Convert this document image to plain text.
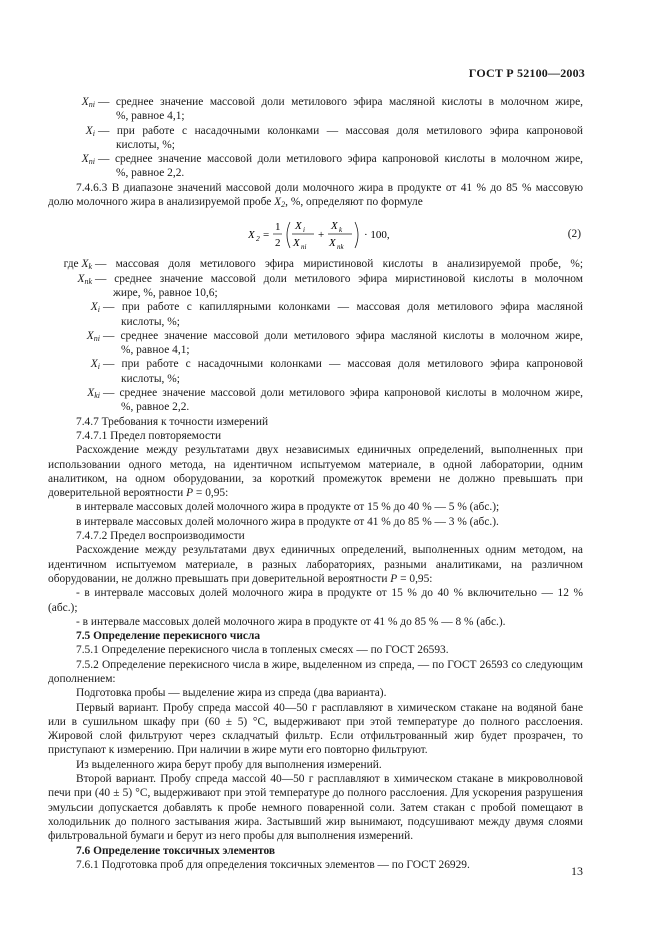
ГОСТ Р 52100—2003
$X_{ni}$ — среднее значение массовой доли метилового эфира масляной кислоты в молочном жире,
%, равное 4,1;
$X_i$ — при работе с насадочными колонками — массовая доля метилового эфира капроновой
кислоты, %;
$X_{ni}$ — среднее значение массовой доли метилового эфира капроновой кислоты в молочном жире,
%, равное 2,2.

7.4.6.3 В диапазоне значений массовой доли молочного жира в продукте от 41 % до 85 % массовую долю молочного жира в анализируемой пробе $X_2$, %, определяют по формуле

X 2 =
1
2
X i
X ni
+
X k
X nk
· 100,	(2)
где $X_k$ — массовая доля метилового эфира миристиновой кислоты в анализируемой пробе, %;
$X_{nk}$ — среднее значение массовой доли метилового эфира миристиновой кислоты в молочном
жире, %, равное 10,6;
$X_i$ — при работе с капиллярными колонками — массовая доля метилового эфира масляной
кислоты, %;
$X_{ni}$ — среднее значение массовой доли метилового эфира масляной кислоты в молочном жире,
%, равное 4,1;
$X_i$ — при работе с насадочными колонками — массовая доля метилового эфира капроновой
кислоты, %;
$X_{ki}$ — среднее значение массовой доли метилового эфира капроновой кислоты в молочном жире,
%, равное 2,2.

7.4.7 Требования к точности измерений

7.4.7.1 Предел повторяемости

Расхождение между результатами двух независимых единичных определений, выполненных при использовании одного метода, на идентичном испытуемом материале, в одной лаборатории, одним аналитиком, на одном оборудовании, за короткий промежуток времени не должно превышать при доверительной вероятности P = 0,95:

в интервале массовых долей молочного жира в продукте от 15 % до 40 % — 5 % (абс.);

в интервале массовых долей молочного жира в продукте от 41 % до 85 % — 3 % (абс.).

7.4.7.2 Предел воспроизводимости

Расхождение между результатами двух единичных определений, выполненных одним методом, на идентичном испытуемом материале, в разных лабораториях, разными аналитиками, на различном оборудовании, не должно превышать при доверительной вероятности P = 0,95:

- в интервале массовых долей молочного жира в продукте от 15 % до 40 % включительно — 12 % (абс.);

- в интервале массовых долей молочного жира в продукте от 41 % до 85 % — 8 % (абс.).

7.5 Определение перекисного числа

7.5.1 Определение перекисного числа в топленых смесях — по ГОСТ 26593.

7.5.2 Определение перекисного числа в жире, выделенном из спреда, — по ГОСТ 26593 со следующим дополнением:

Подготовка пробы — выделение жира из спреда (два варианта).

Первый вариант. Пробу спреда массой 40—50 г расплавляют в химическом стакане на водяной бане или в сушильном шкафу при (60 ± 5) °С, выдерживают при этой температуре до полного расслоения. Жировой слой фильтруют через складчатый фильтр. Если отфильтрованный жир будет прозрачен, то приступают к измерению. При наличии в жире мути его повторно фильтруют.

Из выделенного жира берут пробу для выполнения измерений.

Второй вариант. Пробу спреда массой 40—50 г расплавляют в химическом стакане в микроволновой печи при (40 ± 5) °С, выдерживают при этой температуре до полного расслоения. Для ускорения разрушения эмульсии допускается добавлять к пробе немного поваренной соли. Затем стакан с пробой помещают в холодильник до полного застывания жира. Застывший жир вынимают, подсушивают между двумя слоями фильтровальной бумаги и берут из него пробы для выполнения измерений.

7.6 Определение токсичных элементов

7.6.1 Подготовка проб для определения токсичных элементов — по ГОСТ 26929.	13
